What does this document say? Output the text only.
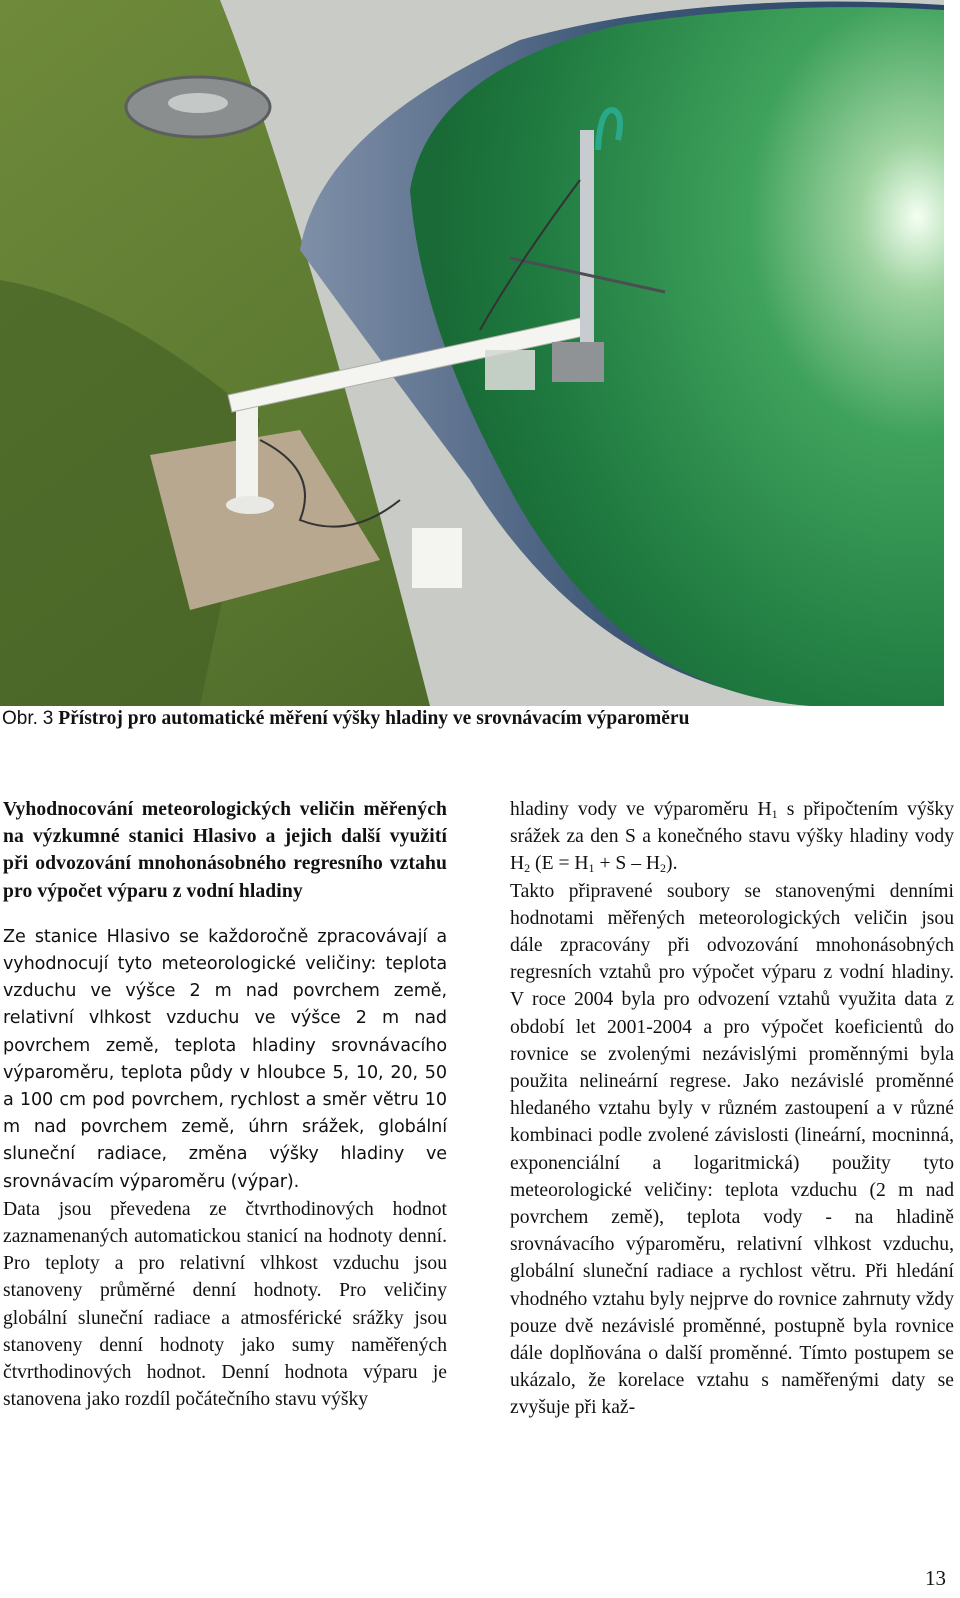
Obr. 3 Přístroj pro automatické měření výšky hladiny ve srovnávacím výparoměru

Vyhodnocování meteorologických veličin měřených na výzkumné stanici Hlasivo a jejich další využití při odvozování mnohonásobného regresního vztahu pro výpočet výparu z vodní hladiny

Ze stanice Hlasivo se každoročně zpracovávají a vyhodnocují tyto meteorologické veličiny: teplota vzduchu ve výšce 2 m nad povrchem země, relativní vlhkost vzduchu ve výšce 2 m nad povrchem země, teplota hladiny srovnávacího výparoměru, teplota půdy v hloubce 5, 10, 20, 50 a 100 cm pod povrchem, rychlost a směr větru 10 m nad povrchem země, úhrn srážek, globální sluneční radiace, změna výšky hladiny ve srovnávacím výparoměru (výpar).

Data jsou převedena ze čtvrthodinových hodnot zaznamenaných automatickou stanicí na hodnoty denní. Pro teploty a pro relativní vlhkost vzduchu jsou stanoveny průměrné denní hodnoty. Pro veličiny globální sluneční radiace a atmosférické srážky jsou stanoveny denní hodnoty jako sumy naměřených čtvrthodinových hodnot. Denní hodnota výparu je stanovena jako rozdíl počátečního stavu výšky

hladiny vody ve výparoměru $H_1$ s připočtením výšky srážek za den S a konečného stavu výšky hladiny vody $H_2$ $(E = H_1 + S - H_2)$.

Takto připravené soubory se stanovenými denními hodnotami měřených meteorologických veličin jsou dále zpracovány při odvozování mnohonásobných regresních vztahů pro výpočet výparu z vodní hladiny. V roce 2004 byla pro odvození vztahů využita data z období let 2001-2004 a pro výpočet koeficientů do rovnice se zvolenými nezávislými proměnnými byla použita nelineární regrese. Jako nezávislé proměnné hledaného vztahu byly v různém zastoupení a v různé kombinaci podle zvolené závislosti (lineární, mocninná, exponenciální a logaritmická) použity tyto meteorologické veličiny: teplota vzduchu (2 m nad povrchem země), teplota vody - na hladině srovnávacího výparoměru, relativní vlhkost vzduchu, globální sluneční radiace a rychlost větru. Při hledání vhodného vztahu byly nejprve do rovnice zahrnuty vždy pouze dvě nezávislé proměnné, postupně byla rovnice dále doplňována o další proměnné. Tímto postupem se ukázalo, že korelace vztahu s naměřenými daty se zvyšuje při kaž-

13
